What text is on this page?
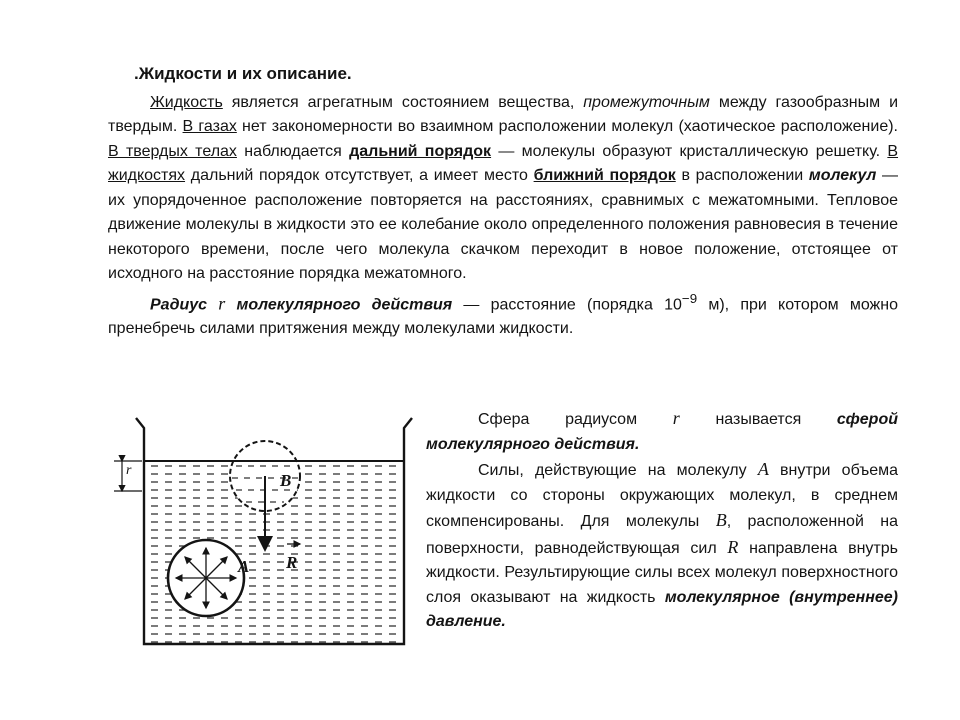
.Жидкости и их описание.

Жидкость является агрегатным состоянием вещества, промежуточным между газообразным и твердым. В газах нет закономерности во взаимном расположении молекул (хаотическое расположение). В твердых телах наблюдается дальний порядок — молекулы образуют кристаллическую решетку. В жидкостях дальний порядок отсутствует, а имеет место ближний порядок в расположении молекул — их упорядоченное расположение повторяется на расстояниях, сравнимых с межатомными. Тепловое движение молекулы в жидкости это ее колебание около определенного положения равновесия в течение некоторого времени, после чего молекула скачком переходит в новое положение, отстоящее от исходного на расстояние порядка межатомного.

Радиус r молекулярного действия — расстояние (порядка $10^{-9}$ м), при котором можно пренебречь силами притяжения между молекулами жидкости.

r
B
R
A

Сфера радиусом r называется сферой молекулярного действия.

Силы, действующие на молекулу A внутри объема жидкости со стороны окружающих молекул, в среднем скомпенсированы. Для молекулы B, расположенной на поверхности, равнодействующая сил R направлена внутрь жидкости. Результирующие силы всех молекул поверхностного слоя оказывают на жидкость молекулярное (внутреннее) давление.
